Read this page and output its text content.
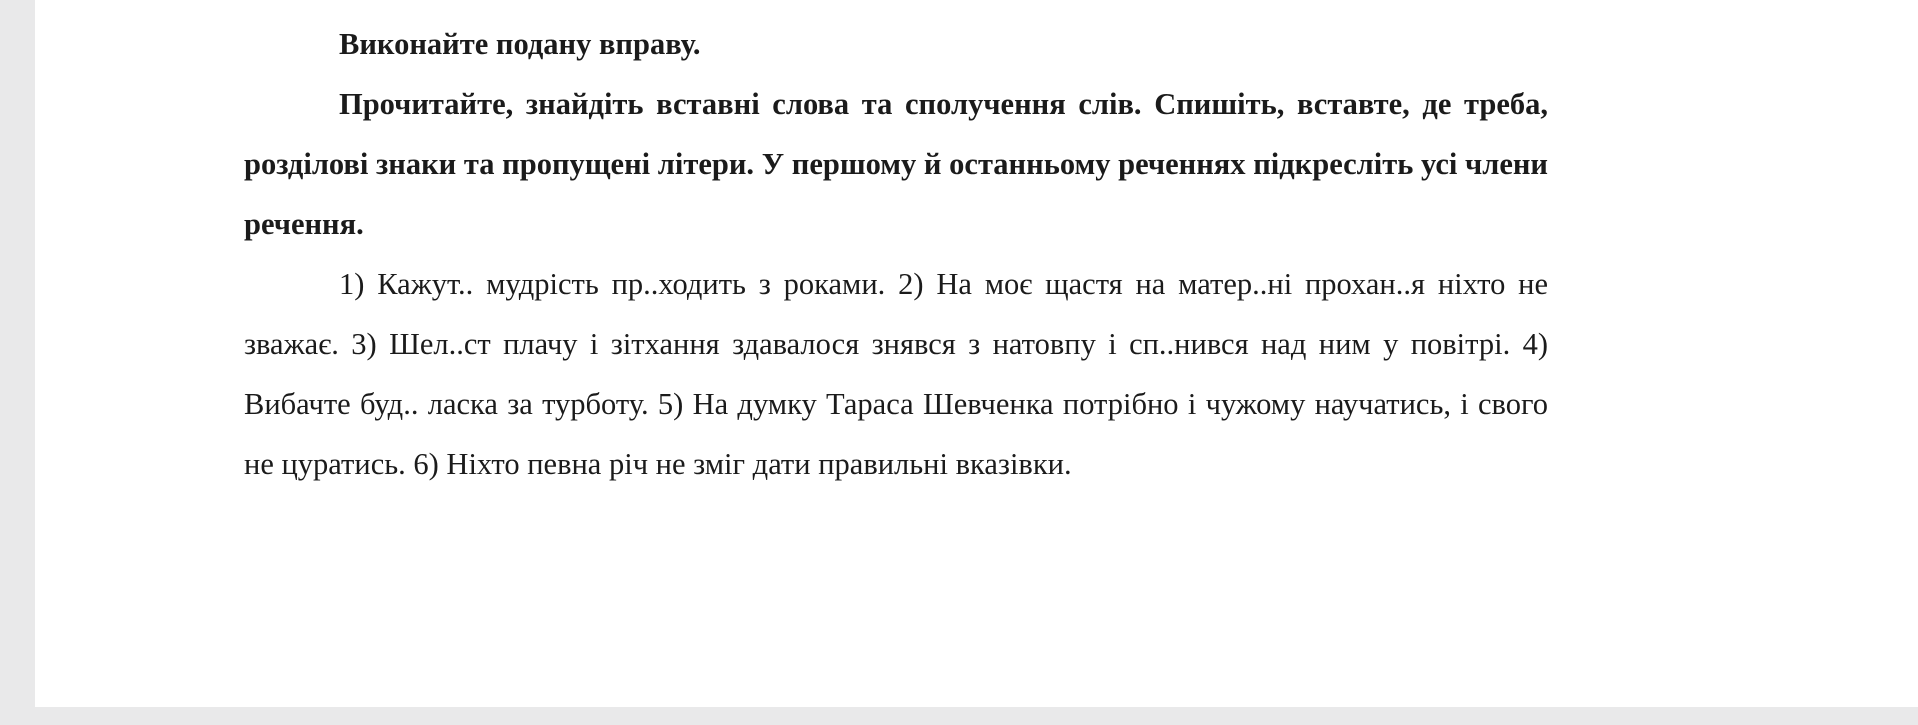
Виконайте подану вправу.

Прочитайте, знайдіть вставні слова та сполучення слів. Спишіть, вставте, де треба, розділові знаки та пропущені літери. У першому й останньому реченнях підкресліть усі члени речення.

1) Кажут.. мудрість пр..ходить з роками. 2) На моє щастя на матер..ні прохан..я ніхто не зважає. 3) Шел..ст плачу і зітхання здавалося знявся з натовпу і сп..нився над ним у повітрі. 4) Вибачте буд.. ласка за турботу. 5) На думку Тараса Шевченка потрібно і чужому научатись, і свого не цуратись. 6) Ніхто певна річ не зміг дати правильні вказівки.
